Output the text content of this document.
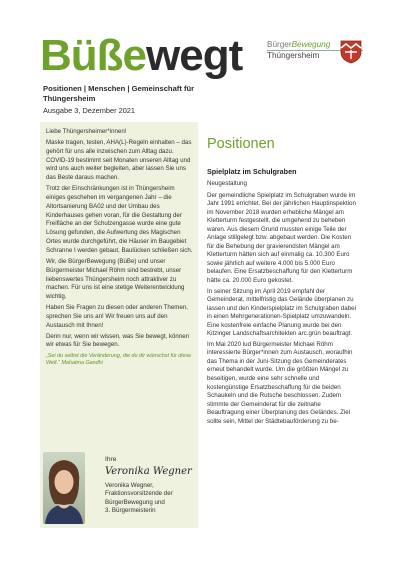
Büßewegt
Positionen | Menschen | Gemeinschaft für Thüngersheim
Ausgabe 3, Dezember 2021
BürgerBewegung
Thüngersheim

Liebe Thüngersheimer*innen!

Maske tragen, testen, AHA(L)-Regeln einhalten – das gehört für uns alle inzwischen zum Alltag dazu. COVID-19 bestimmt seit Monaten unseren Alltag und wird uns auch weiter begleiten, aber lassen Sie uns das Beste daraus machen.

Trotz der Einschränkungen ist in Thüngersheim einiges geschehen im vergangenen Jahr – die Altortsanierung BA02 und der Umbau des Kinderhauses gehen voran, für die Gestaltung der Freifläche an der Schulzengasse wurde eine gute Lösung gefunden, die Aufwertung des Magischen Ortes wurde durchgeführt, die Häuser im Baugebiet Schranne I werden gebaut, Baulücken schließen sich.

Wir, die BürgerBewegung (BüBe) und unser Bürgermeister Michael Röhm sind bestrebt, unser liebenswertes Thüngersheim noch attraktiver zu machen. Für uns ist eine stetige Weiterentwicklung wichtig.

Haben Sie Fragen zu diesen oder anderen Themen, sprechen Sie uns an! Wir freuen uns auf den Austausch mit Ihnen!

Denn nur, wenn wir wissen, was Sie bewegt, können wir etwas für Sie bewegen.

„Sei du selbst die Veränderung, die du dir wünschst für diese Welt.“ Mahatma Gandhi

Ihre
Veronika Wegner
Veronika Wegner,
Fraktionsvorsitzende der
BürgerBewegung und
3. Bürgermeisterin
Positionen
Spielplatz im Schulgraben

Neugestaltung

Der gemeindliche Spielplatz im Schulgraben wurde im Jahr 1991 errichtet. Bei der jährlichen Hauptinspektion im November 2018 wurden erhebliche Mängel am Kletterturm festgestellt, die umgehend zu beheben waren. Aus diesem Grund mussten einige Teile der Anlage stillgelegt bzw. abgebaut werden. Die Kosten für die Behebung der gravierendsten Mängel am Kletterturm hätten sich auf einmalig ca. 10.300 Euro sowie jährlich auf weitere 4.000 bis 5.000 Euro belaufen. Eine Ersatzbeschaffung für den Kletterturm hätte ca. 20.000 Euro gekostet.

In seiner Sitzung im April 2019 empfahl der Gemeinderat, mittelfristig das Gelände überplanen zu lassen und den Kinderspielplatz im Schulgraben dabei in einen Mehrgenerationen-Spielplatz umzuwandeln. Eine kostenfreie einfache Planung wurde bei den Kitzinger Landschaftsarchitekten arc.grün beauftragt.

Im Mai 2020 lud Bürgermeister Michael Röhm interessierte Bürger*innen zum Austausch, woraufhin das Thema in der Juni-Sitzung des Gemeinderates erneut behandelt wurde. Um die größten Mängel zu beseitigen, wurde eine sehr schnelle und kostengünstige Ersatzbeschaffung für die beiden Schaukeln und die Rutsche beschlossen. Zudem stimmte der Gemeinderat für die zeitnahe Beauftragung einer Überplanung des Geländes. Ziel sollte sein, Mittel der Städtebauförderung zu be-
